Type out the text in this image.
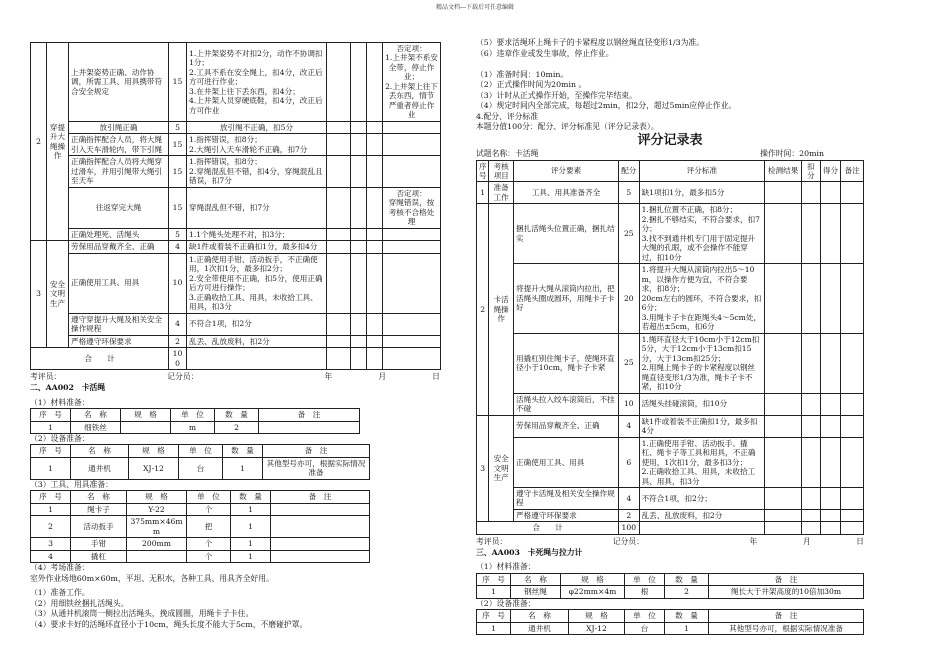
精品文档---下载后可任意编辑
2	穿提升大绳操作	上井架姿势正确、动作协调，所需工具、用具携带符合安全规定	15	1.上井架姿势不对扣2分，动作不协调扣1分；
2.工具不系在安全绳上，扣4分，改正后方可进行作业；
3.在井架上往下丢东西，扣4分；
4.上井架人员穿硬底鞋，扣4分，改正后方可作业				否定项：
1.上井架不系安全带，停止作业；
2.上井架上往下丢东西，情节严重者停止作业
		放引绳正确	5	放引绳不正确，扣5分				
		正确指挥配合人员，将大绳引入天车滑轮内，带下引绳	15	1.指挥错误，扣8分；
2.大绳引入天车滑轮不正确，扣7分				
		正确指挥配合人员将大绳穿过滑车，并用引绳带大绳引至天车	15	1.指挥错误，扣8分；
2.穿绳混乱但不错，扣4分，穿绳混乱且错误，扣7分				
		往返穿完大绳	15	穿绳混乱但不错，扣7分				否定项：
穿绳错误，按考核不合格处理
		正确处理死、活绳头	5	1.1个绳头处理不对，扣3分；				
3	安全文明生产	劳保用品穿戴齐全、正确	4	缺1件或着装不正确扣1分，最多扣4分				
		正确使用工具、用具	10	1.正确使用手钳、活动扳手，不正确使用，1次扣1分，最多扣2分；
2.安全带使用不正确，扣5分，使用正确后方可进行操作；
3.正确收拾工具、用具，未收拾工具、用具，扣3分				
		遵守穿提升大绳及相关安全操作规程	4	不符合1项，扣2分				
		严格遵守环保要求	2	乱丢、乱放废料，扣2分				
合　　计			100					
考评员：	记分员：	年	月	日
二、AA002　卡活绳
（1）材料准备：
序　号	名　称	规　格	单　位	数　量	备　注
1	细铁丝		m	2	
（2）设备准备：
序　号	名　称	规　格	单　位	数　量	备　注
1	通井机	XJ-12	台	1	其他型号亦可，根据实际情况准备
（3）工具、用具准备：
序　号	名　称	规　格	单　位	数　量	备　注
1	绳卡子	Y-22	个	1	
2	活动扳手	375mm×46mm	把	1	
3	手钳	200mm	个	1	
4	撬杠		个	1	
（4）考场准备：
室外作业场地60m×60m，平坦、无积水，各种工具、用具齐全好用。
（1）准备工作。
（2）用细铁丝捆扎活绳头。
（3）从通井机滚筒一侧拉出活绳头，挽成圆圈，用绳卡子卡住。
（4）要求卡好的活绳环直径小于10cm，绳头长度不能大于5cm，不磨碰护罩。
（5）要求活绳环上绳卡子的卡紧程度以钢丝绳直径变形1/3为准。
（6）违章作业或发生事故，停止作业。
（1）准备时间：10min。
（2）正式操作时间为20min 。
（3）计时从正式操作开始，至操作完毕结束。
（4）规定时间内全部完成，每超过2min，扣2分，超过5min应停止作业。
4.配分、评分标准
本题分值100分：配分、评分标准见（评分记录表）。
评分记录表
试题名称：卡活绳	操作时间：20min
序号	考核项目	评分要素	配分	评分标准	检测结果	扣分	得分	备注
1	准备工作	工具、用具准备齐全	5	缺1项扣1分，最多扣5分				
2	卡活绳操作	捆扎活绳头位置正确，捆扎结实	25	1.捆扎位置不正确，扣8分；
2.捆扎不够结实，不符合要求，扣7分；
3.找不到通井机专门用于固定提升大绳的孔眼，或不会操作不能穿过，扣10分				
		将提升大绳从滚筒内拉出，把活绳头圈成圆环，用绳卡子卡好	20	1.将提升大绳从滚筒内拉出5～10m，以操作方便为宜，不符合要求，扣8分；
20cm左右的圆环，不符合要求，扣6分；
3.用绳卡子卡在距绳头4～5cm处，若超出±5cm，扣6分				
		用撬杠别住绳卡子，使绳环直径小于10cm，绳卡子卡紧	25	1.绳环直径大于10cm小于12cm扣5分，大于12cm小于13cm扣15分，大于13cm扣25分；
2.用绳上绳卡子的卡紧程度以钢丝绳直径变形1/3为准，绳卡子卡不紧，扣10分				
		活绳头拉入绞车滚筒后，不挂不碰	10	活绳头挂碰滚筒，扣10分				
3	安全文明生产	劳保用品穿戴齐全、正确	4	缺1件或着装不正确扣1分，最多扣4分				
		正确使用工具、用具	6	1.正确使用手钳、活动扳手、撬杠、绳卡子等工具和用具，不正确使用，1次扣1分，最多扣3分；
2.正确收拾工具、用具，未收拾工具、用具，扣3分				
		遵守卡活绳及相关安全操作规程	4	不符合1项，扣2分；				
		严格遵守环保要求	2	乱丢、乱放废料，扣2分				
合　　计			100					
考评员：	记分员：	年	月	日
三、AA003　卡死绳与拉力计
（1）材料准备：
序　号	名　称	规　格	单　位	数　量	备　注
1	钢丝绳	φ22mm×4m	根	2	绳长大于井架高度的10倍加30m
（2）设备准备：
序　号	名　称	规　格	单　位	数　量	备　注
1	通井机	XJ-12	台	1	其他型号亦可，根据实际情况准备
